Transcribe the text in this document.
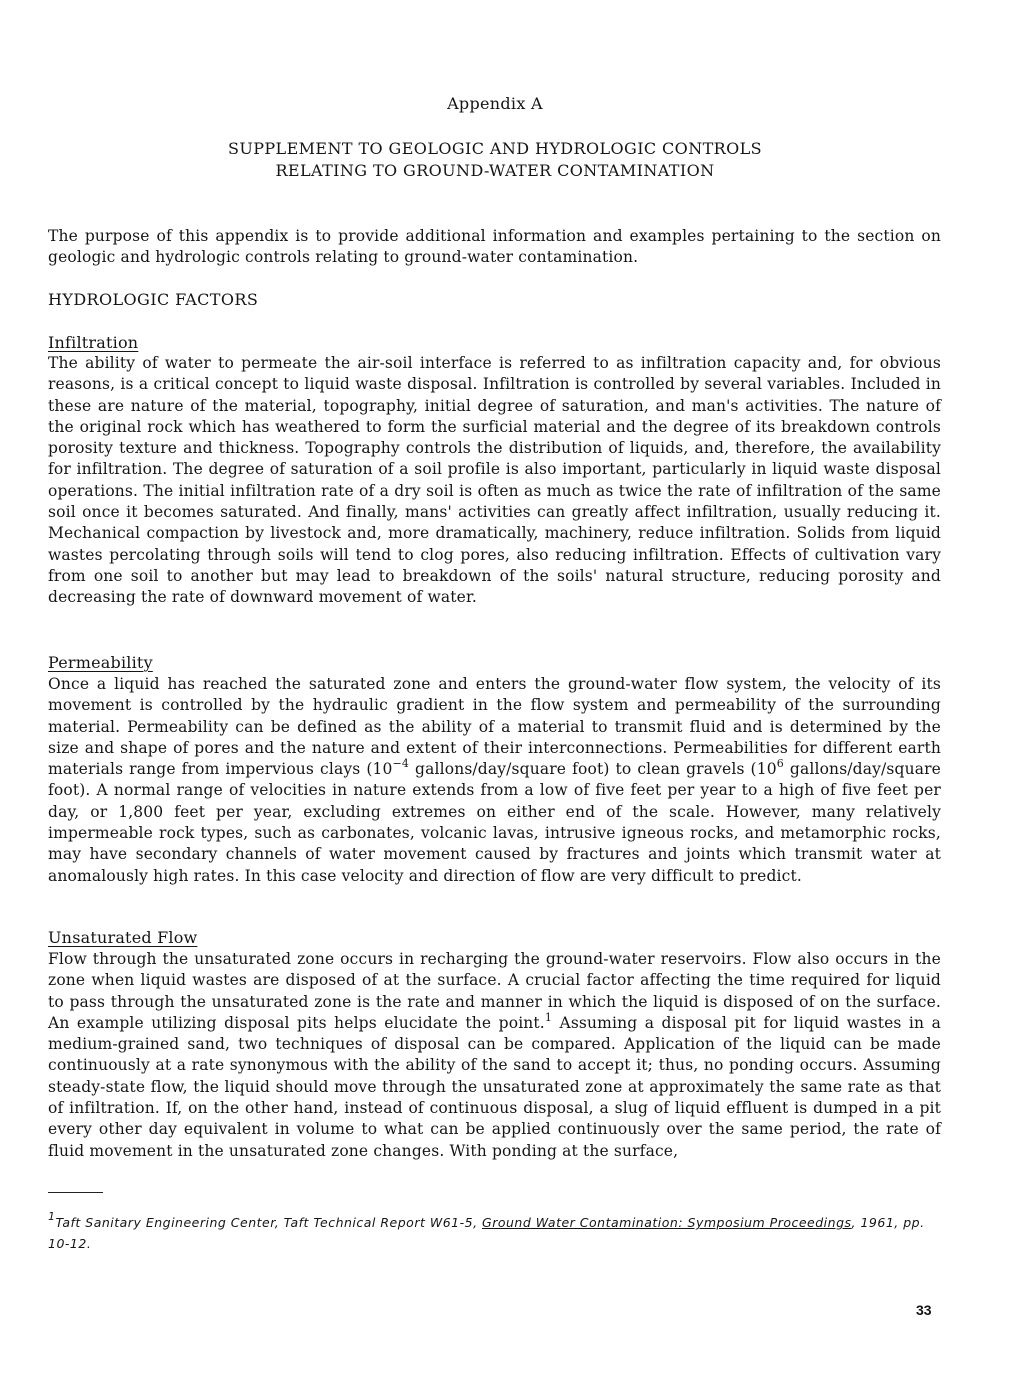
Appendix A
SUPPLEMENT TO GEOLOGIC AND HYDROLOGIC CONTROLS
RELATING TO GROUND-WATER CONTAMINATION

The purpose of this appendix is to provide additional information and examples pertaining to the section on geologic and hydrologic controls relating to ground-water contamination.

HYDROLOGIC FACTORS
Infiltration

The ability of water to permeate the air-soil interface is referred to as infiltration capacity and, for obvious reasons, is a critical concept to liquid waste disposal. Infiltration is controlled by several variables. Included in these are nature of the material, topography, initial degree of saturation, and man's activities. The nature of the original rock which has weathered to form the surficial material and the degree of its breakdown controls porosity texture and thickness. Topography controls the distribution of liquids, and, therefore, the availability for infiltration. The degree of saturation of a soil profile is also important, particularly in liquid waste disposal operations. The initial infiltration rate of a dry soil is often as much as twice the rate of infiltration of the same soil once it becomes saturated. And finally, mans' activities can greatly affect infiltration, usually reducing it. Mechanical compaction by livestock and, more dramatically, machinery, reduce infiltration. Solids from liquid wastes percolating through soils will tend to clog pores, also reducing infiltration. Effects of cultivation vary from one soil to another but may lead to breakdown of the soils' natural structure, reducing porosity and decreasing the rate of downward movement of water.

Permeability

Once a liquid has reached the saturated zone and enters the ground-water flow system, the velocity of its movement is controlled by the hydraulic gradient in the flow system and permeability of the surrounding material. Permeability can be defined as the ability of a material to transmit fluid and is determined by the size and shape of pores and the nature and extent of their interconnections. Permeabilities for different earth materials range from impervious clays ($10^{-4}$ gallons/day/square foot) to clean gravels ($10^6$ gallons/day/square foot). A normal range of velocities in nature extends from a low of five feet per year to a high of five feet per day, or 1,800 feet per year, excluding extremes on either end of the scale. However, many relatively impermeable rock types, such as carbonates, volcanic lavas, intrusive igneous rocks, and metamorphic rocks, may have secondary channels of water movement caused by fractures and joints which transmit water at anomalously high rates. In this case velocity and direction of flow are very difficult to predict.

Unsaturated Flow

Flow through the unsaturated zone occurs in recharging the ground-water reservoirs. Flow also occurs in the zone when liquid wastes are disposed of at the surface. A crucial factor affecting the time required for liquid to pass through the unsaturated zone is the rate and manner in which the liquid is disposed of on the surface. An example utilizing disposal pits helps elucidate the point.$^1$ Assuming a disposal pit for liquid wastes in a medium-grained sand, two techniques of disposal can be compared. Application of the liquid can be made continuously at a rate synonymous with the ability of the sand to accept it; thus, no ponding occurs. Assuming steady-state flow, the liquid should move through the unsaturated zone at approximately the same rate as that of infiltration. If, on the other hand, instead of continuous disposal, a slug of liquid effluent is dumped in a pit every other day equivalent in volume to what can be applied continuously over the same period, the rate of fluid movement in the unsaturated zone changes. With ponding at the surface,

$^1$Taft Sanitary Engineering Center, Taft Technical Report W61-5, Ground Water Contamination: Symposium Proceedings, 1961, pp. 10-12.
33
